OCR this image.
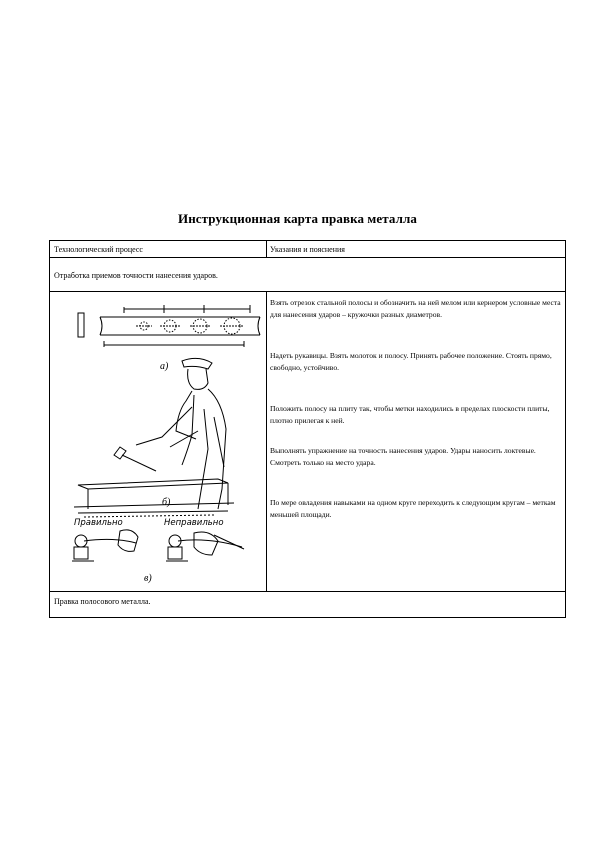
Инструкционная карта правка металла
Технологический процесс	Указания и пояснения
Отработка приемов точности нанесения ударов.
Взять отрезок стальной полосы и обозначить на ней мелом или кернером условные места для нанесения ударов – кружочки разных диаметров.
Надеть рукавицы. Взять молоток и полосу. Принять рабочее положение. Стоять прямо, свободно, устойчиво.
Положить полосу на плиту так, чтобы метки находились в пределах плоскости плиты, плотно прилегая к ней.
Выполнять упражнение на точность нанесения ударов. Удары наносить локтевые. Смотреть только на место удара.
По мере овладения навыками на одном круге переходить к следующим кругам – меткам меньшей площади.
Правка полосового металла.
а)
б)
в)
Правильно	Неправильно
